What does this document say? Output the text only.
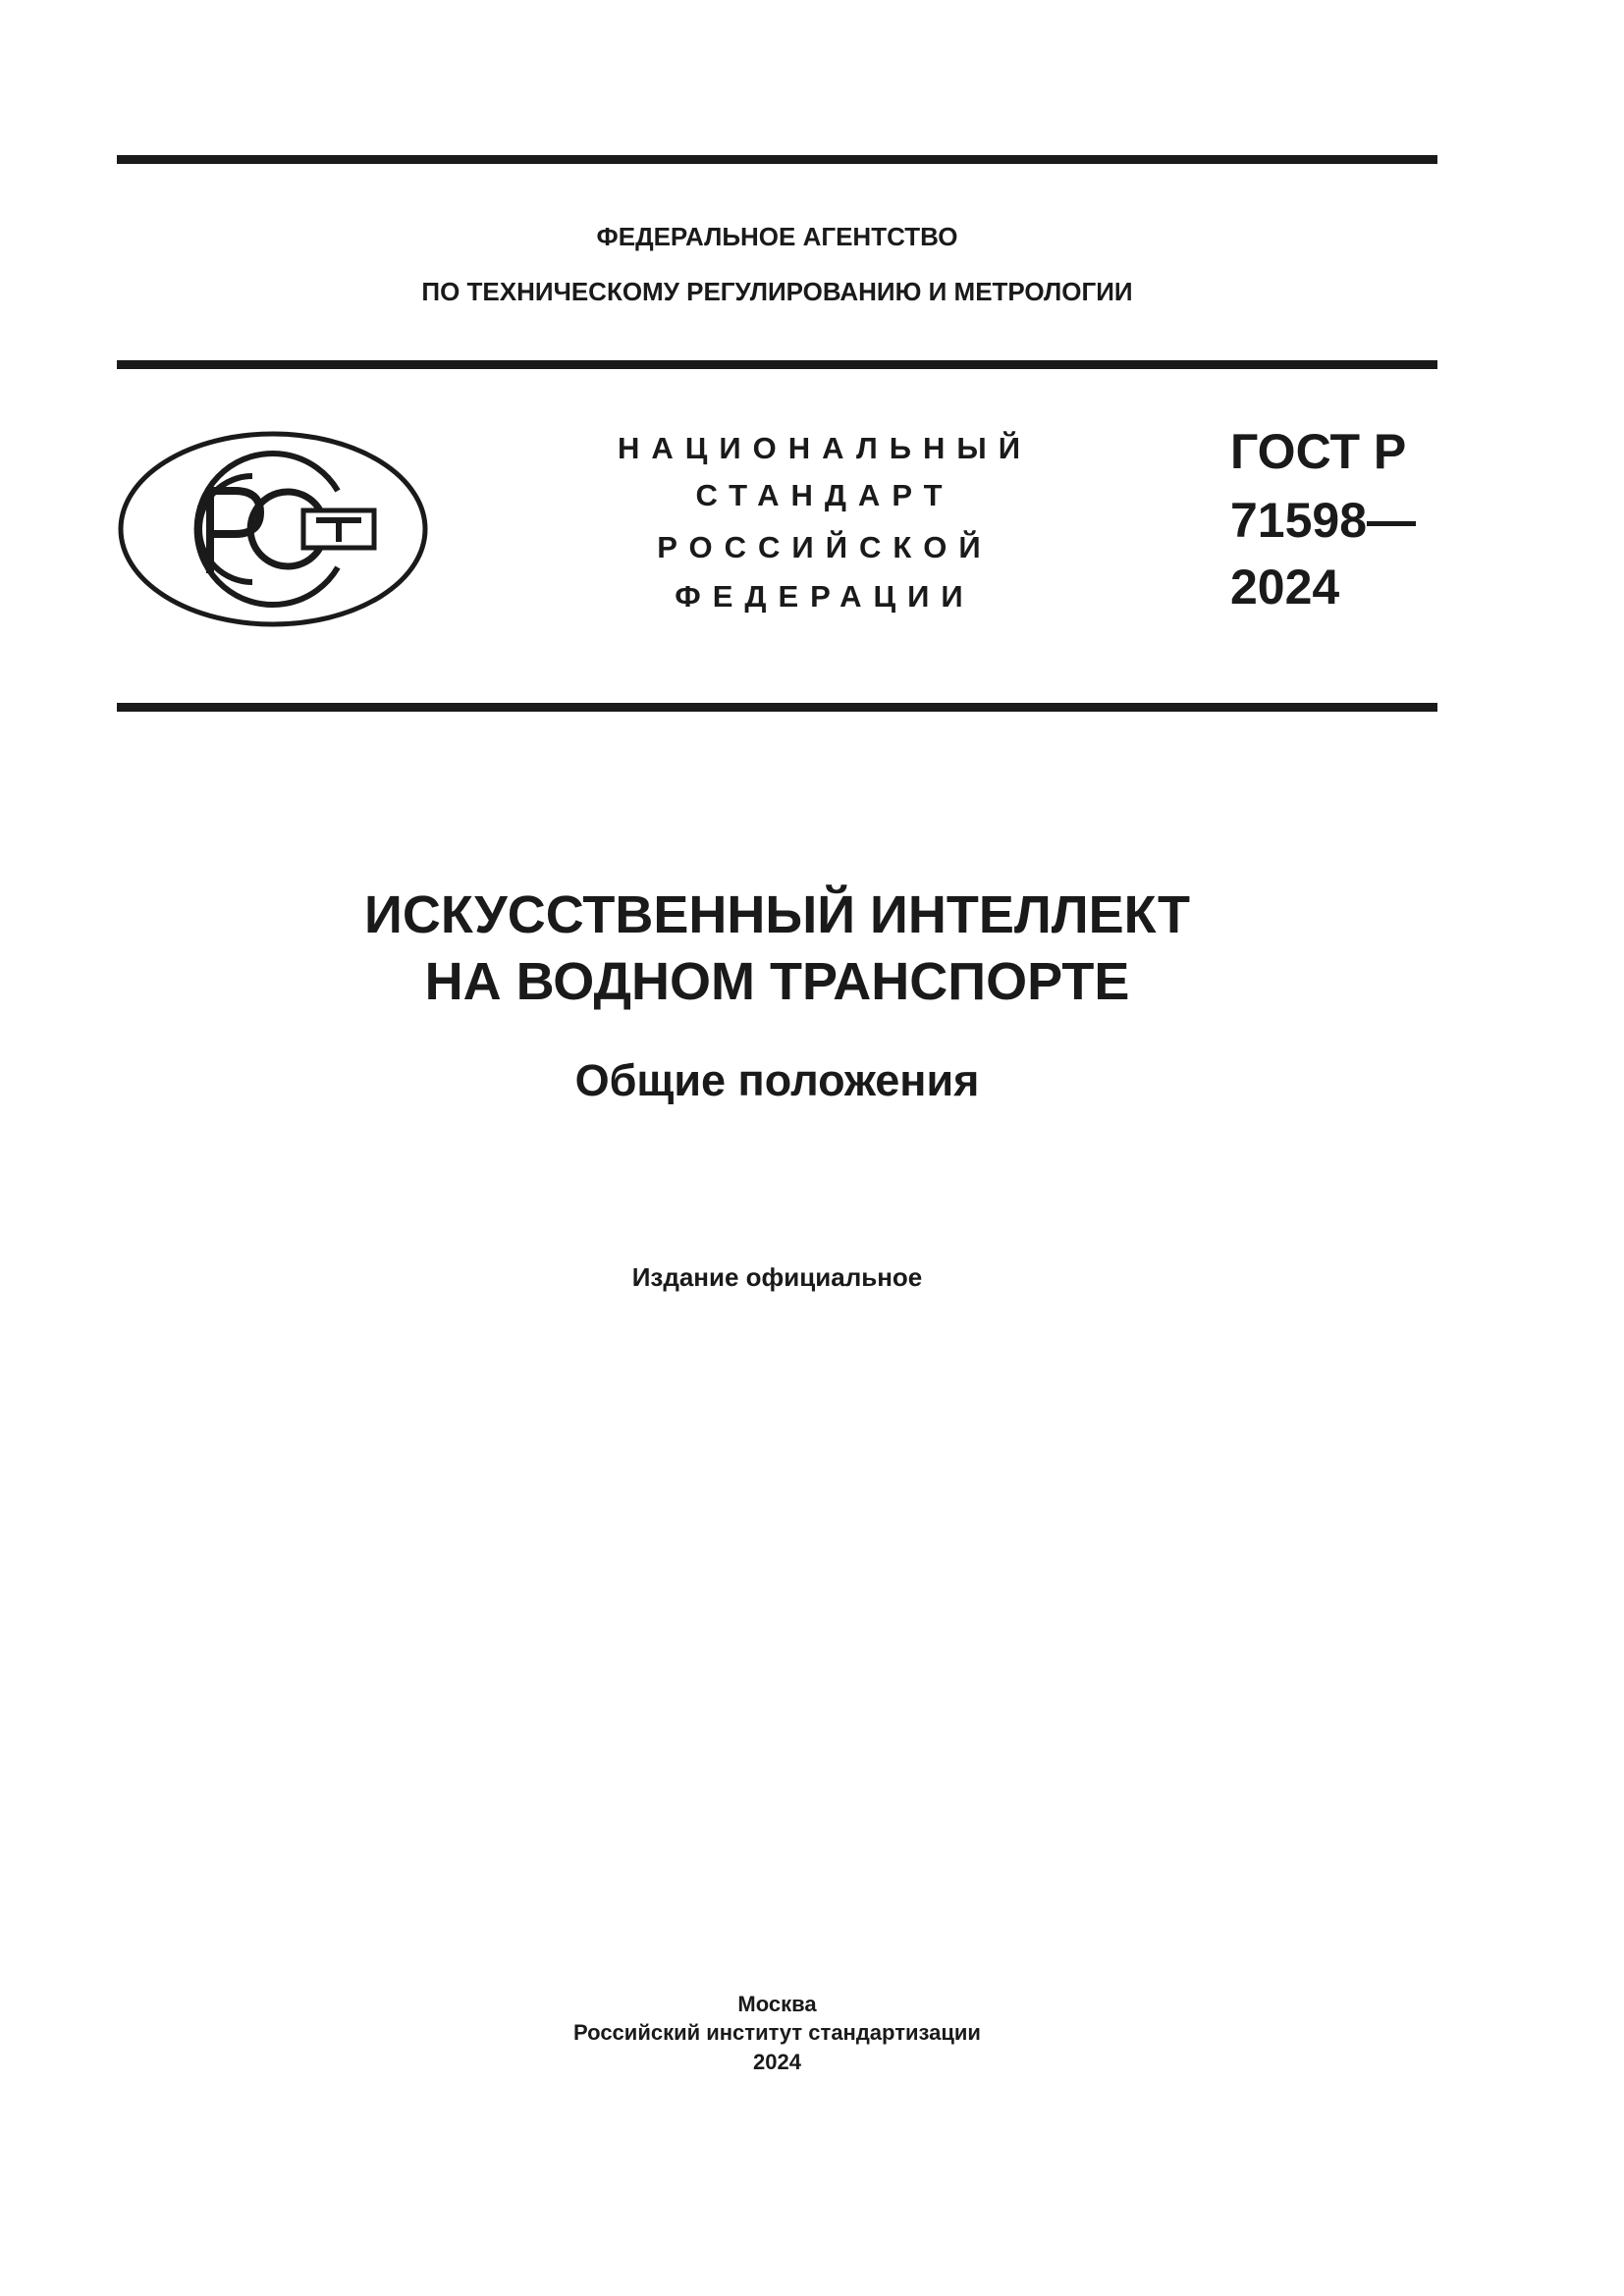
ФЕДЕРАЛЬНОЕ АГЕНТСТВО
ПО ТЕХНИЧЕСКОМУ РЕГУЛИРОВАНИЮ И МЕТРОЛОГИИ
НАЦИОНАЛЬНЫЙ
СТАНДАРТ
РОССИЙСКОЙ
ФЕДЕРАЦИИ
ГОСТ Р
71598—
2024
ИСКУССТВЕННЫЙ ИНТЕЛЛЕКТ
НА ВОДНОМ ТРАНСПОРТЕ
Общие положения
Издание официальное
Москва
Российский институт стандартизации
2024
